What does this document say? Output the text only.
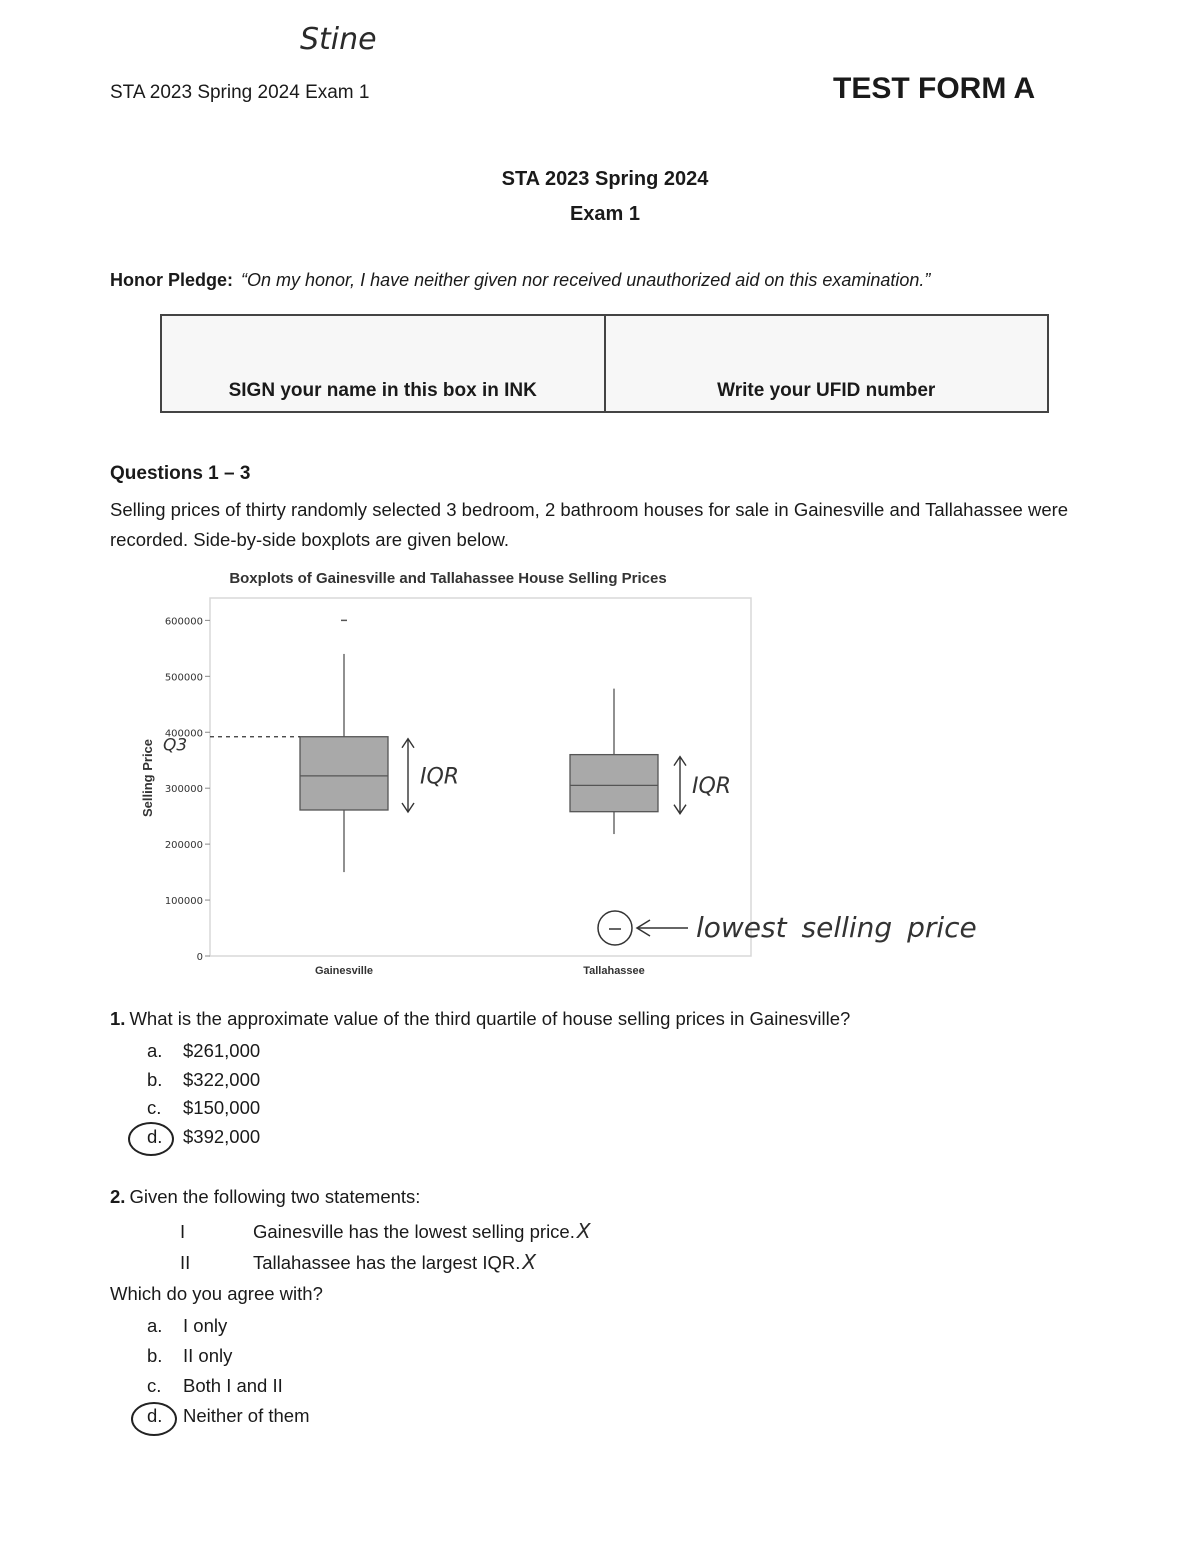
Stine
STA 2023 Spring 2024 Exam 1	TEST FORM A
STA 2023 Spring 2024
Exam 1
Honor Pledge: “On my honor, I have neither given nor received unauthorized aid on this examination.”
SIGN your name in this box in INK	Write your UFID number
Questions 1 – 3
Selling prices of thirty randomly selected 3 bedroom, 2 bathroom houses for sale in Gainesville and Tallahassee were recorded. Side-by-side boxplots are given below.
Boxplots of Gainesville and Tallahassee House Selling Prices
Selling Price
0
100000
200000
300000
400000
500000
600000
Gainesville	Tallahassee
Q3
IQR	IQR
lowest selling price
1. What is the approximate value of the third quartile of house selling prices in Gainesville?
a. $261,000
b. $322,000
c. $150,000
d. $392,000
2. Given the following two statements:
I	Gainesville has the lowest selling price. X
II	Tallahassee has the largest IQR. X
Which do you agree with?
a. I only
b. II only
c. Both I and II
d. Neither of them
